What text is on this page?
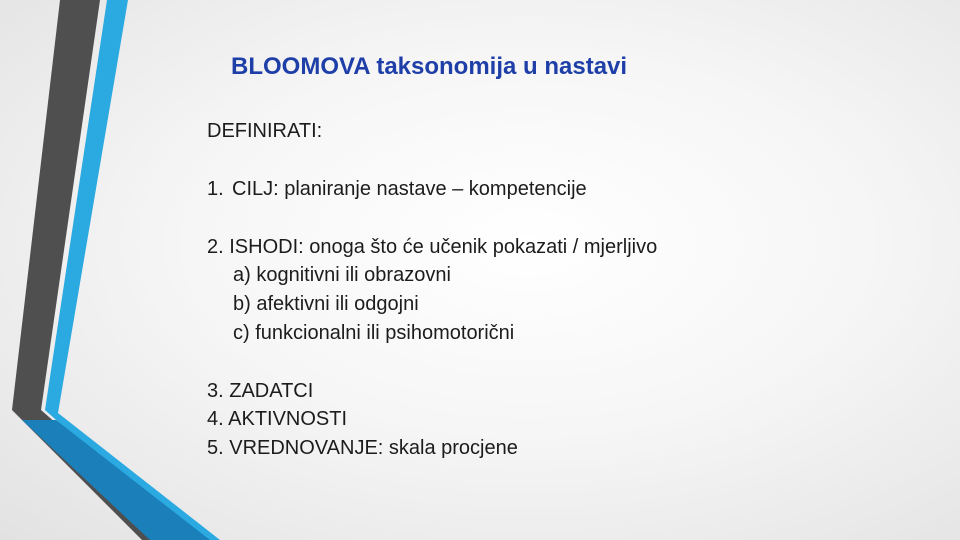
BLOOMOVA taksonomija u nastavi
DEFINIRATI:
1. CILJ: planiranje nastave – kompetencije
2. ISHODI: onoga što će učenik pokazati / mjerljivo
a) kognitivni ili obrazovni
b) afektivni ili odgojni
c) funkcionalni ili psihomotorični
3. ZADATCI
4. AKTIVNOSTI
5. VREDNOVANJE: skala procjene
